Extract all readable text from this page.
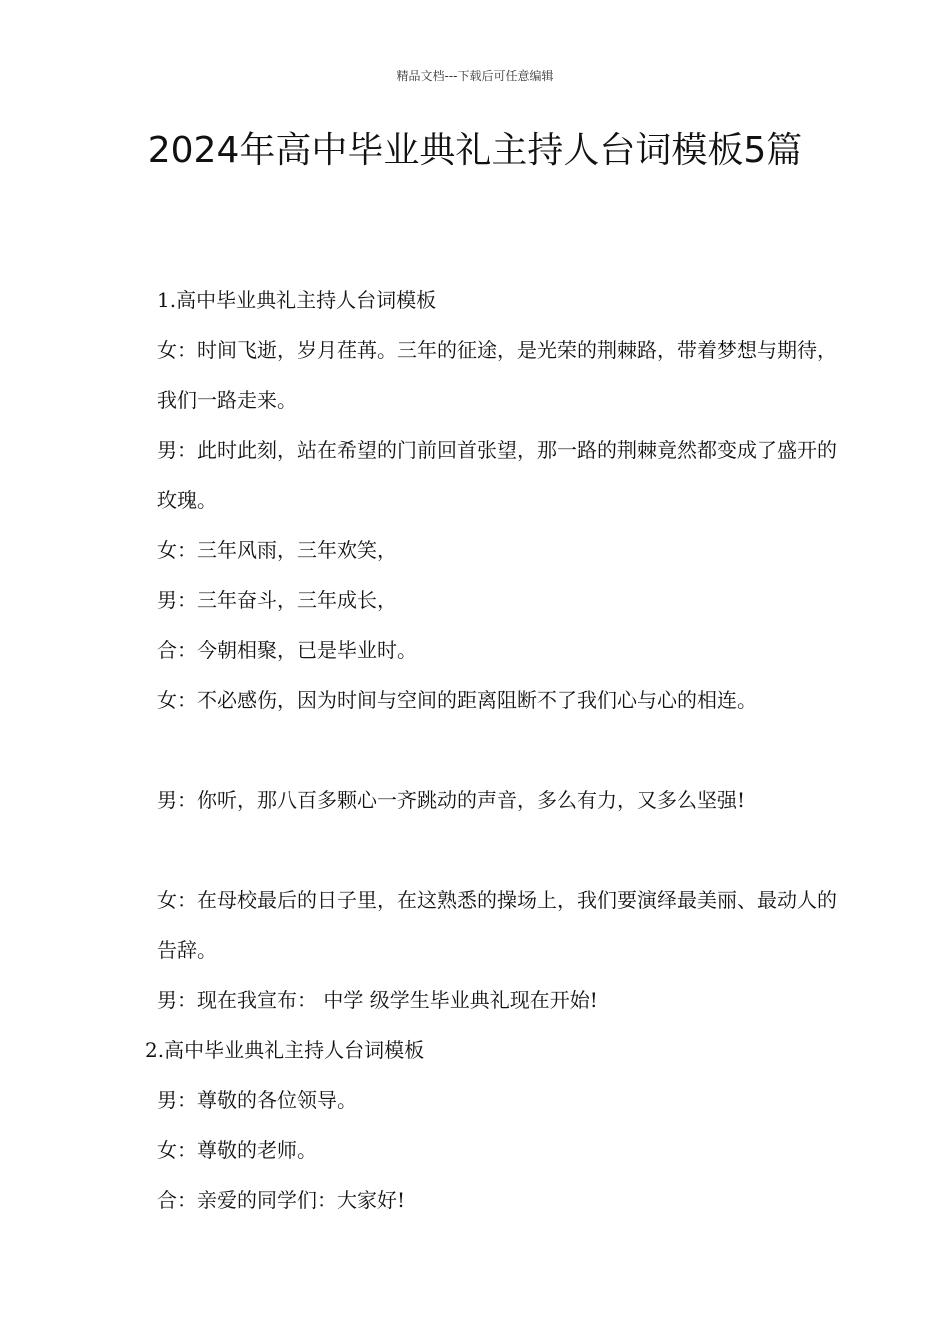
精品文档---下载后可任意编辑
2024年高中毕业典礼主持人台词模板5篇

1.高中毕业典礼主持人台词模板

女：时间飞逝，岁月荏苒。三年的征途，是光荣的荆棘路，带着梦想与期待，我们一路走来。

男：此时此刻，站在希望的门前回首张望，那一路的荆棘竟然都变成了盛开的玫瑰。

女：三年风雨，三年欢笑，

男：三年奋斗，三年成长，

合：今朝相聚，已是毕业时。

女：不必感伤，因为时间与空间的距离阻断不了我们心与心的相连。

男：你听，那八百多颗心一齐跳动的声音，多么有力，又多么坚强!

女：在母校最后的日子里，在这熟悉的操场上，我们要演绎最美丽、最动人的告辞。

男：现在我宣布： 中学 级学生毕业典礼现在开始!

2.高中毕业典礼主持人台词模板

男：尊敬的各位领导。

女：尊敬的老师。

合：亲爱的同学们：大家好!
